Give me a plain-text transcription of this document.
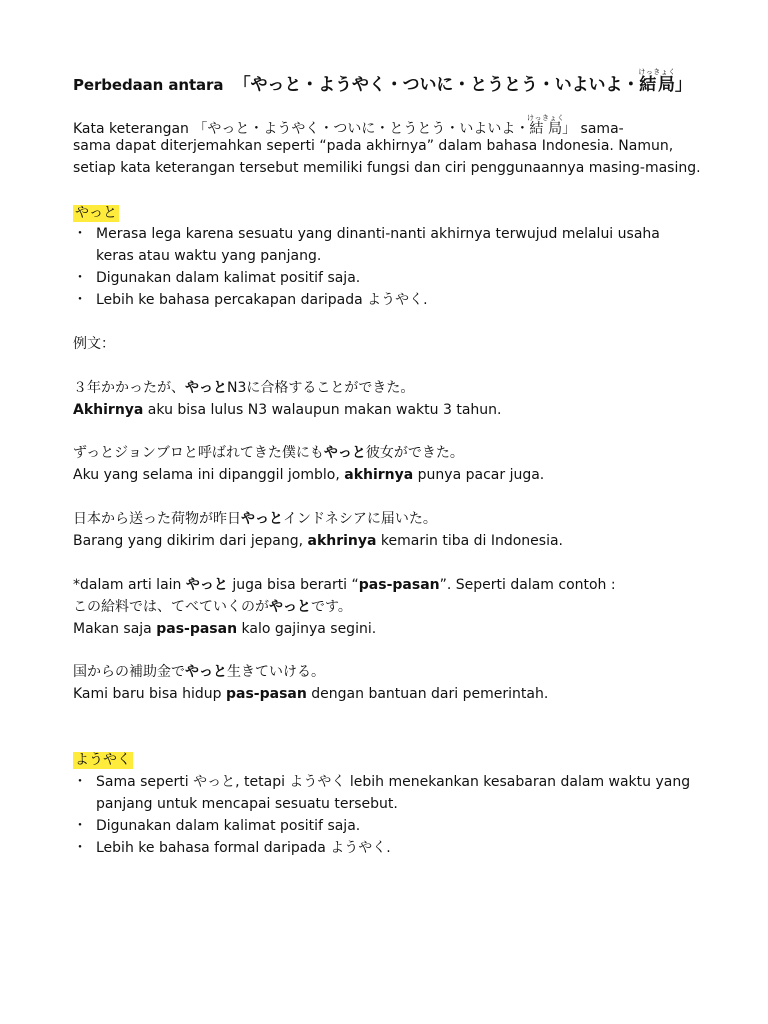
Perbedaan antara 「やっと・ようやく・ついに・とうとう・いよいよ・結局けっきょく」
Kata keterangan 「やっと・ようやく・ついに・とうとう・いよいよ・結局けっきょく」 sama-
sama dapat diterjemahkan seperti “pada akhirnya” dalam bahasa Indonesia. Namun,
setiap kata keterangan tersebut memiliki fungsi dan ciri penggunaannya masing-masing.
やっと
・ Merasa lega karena sesuatu yang dinanti-nanti akhirnya terwujud melalui usaha
keras atau waktu yang panjang.
・ Digunakan dalam kalimat positif saja.
・ Lebih ke bahasa percakapan daripada ようやく.
例文：
３年かかったが、やっとN3に合格することができた。
Akhirnya aku bisa lulus N3 walaupun makan waktu 3 tahun.
ずっとジョンブロと呼ばれてきた僕にもやっと彼女ができた。
Aku yang selama ini dipanggil jomblo, akhirnya punya pacar juga.
日本から送った荷物が昨日やっとインドネシアに届いた。
Barang yang dikirim dari jepang, akhrinya kemarin tiba di Indonesia.
*dalam arti lain やっと juga bisa berarti “pas-pasan”. Seperti dalam contoh :
この給料では、てべていくのがやっとです。
Makan saja pas-pasan kalo gajinya segini.
国からの補助金でやっと生きていける。
Kami baru bisa hidup pas-pasan dengan bantuan dari pemerintah.
ようやく
・ Sama seperti やっと, tetapi ようやく lebih menekankan kesabaran dalam waktu yang
panjang untuk mencapai sesuatu tersebut.
・ Digunakan dalam kalimat positif saja.
・ Lebih ke bahasa formal daripada ようやく.
